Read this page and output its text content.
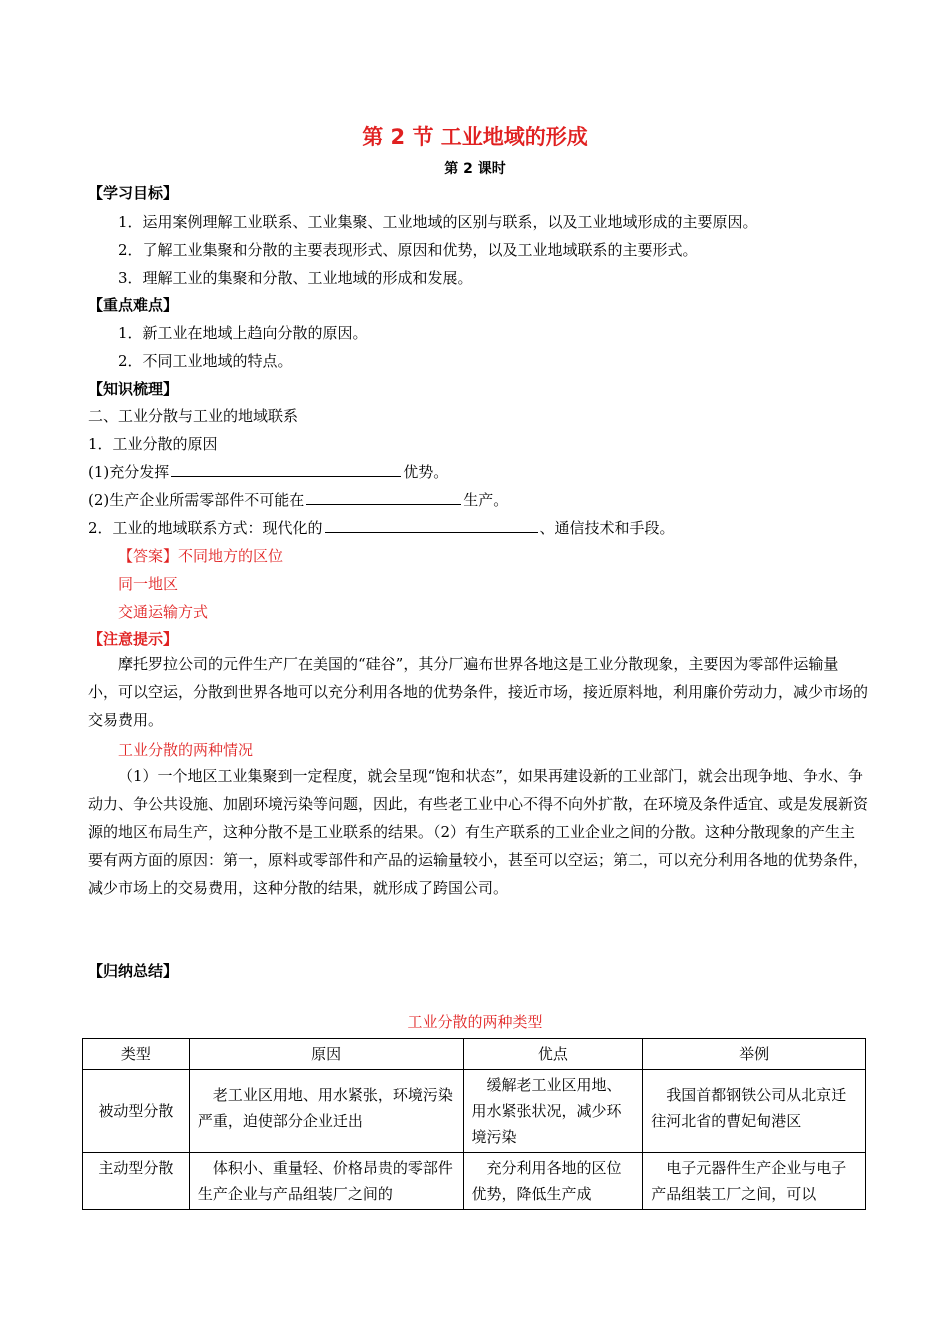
第 2 节 工业地域的形成
第 2 课时
【学习目标】
1．运用案例理解工业联系、工业集聚、工业地域的区别与联系，以及工业地域形成的主要原因。
2．了解工业集聚和分散的主要表现形式、原因和优势，以及工业地域联系的主要形式。
3．理解工业的集聚和分散、工业地域的形成和发展。
【重点难点】
1．新工业在地域上趋向分散的原因。
2．不同工业地域的特点。
【知识梳理】
二、工业分散与工业的地域联系
1．工业分散的原因
(1)充分发挥	优势。
(2)生产企业所需零部件不可能在	生产。
2．工业的地域联系方式：现代化的	、通信技术和手段。
【答案】不同地方的区位
同一地区
交通运输方式
【注意提示】
摩托罗拉公司的元件生产厂在美国的“硅谷”，其分厂遍布世界各地这是工业分散现象，主要因为零部件运输量小，可以空运，分散到世界各地可以充分利用各地的优势条件，接近市场，接近原料地，利用廉价劳动力，减少市场的交易费用。
工业分散的两种情况
（1）一个地区工业集聚到一定程度，就会呈现“饱和状态”，如果再建设新的工业部门，就会出现争地、争水、争动力、争公共设施、加剧环境污染等问题，因此，有些老工业中心不得不向外扩散，在环境及条件适宜、或是发展新资源的地区布局生产，这种分散不是工业联系的结果。（2）有生产联系的工业企业之间的分散。这种分散现象的产生主要有两方面的原因：第一，原料或零部件和产品的运输量较小，甚至可以空运；第二，可以充分利用各地的优势条件，减少市场上的交易费用，这种分散的结果，就形成了跨国公司。
【归纳总结】
工业分散的两种类型
类型	原因	优点	举例
被动型分散	老工业区用地、用水紧张，环境污染严重，迫使部分企业迁出	缓解老工业区用地、用水紧张状况，减少环境污染	我国首都钢铁公司从北京迁往河北省的曹妃甸港区
主动型分散	体积小、重量轻、价格昂贵的零部件生产企业与产品组装厂之间的	充分利用各地的区位优势，降低生产成	电子元器件生产企业与电子产品组装工厂之间，可以
